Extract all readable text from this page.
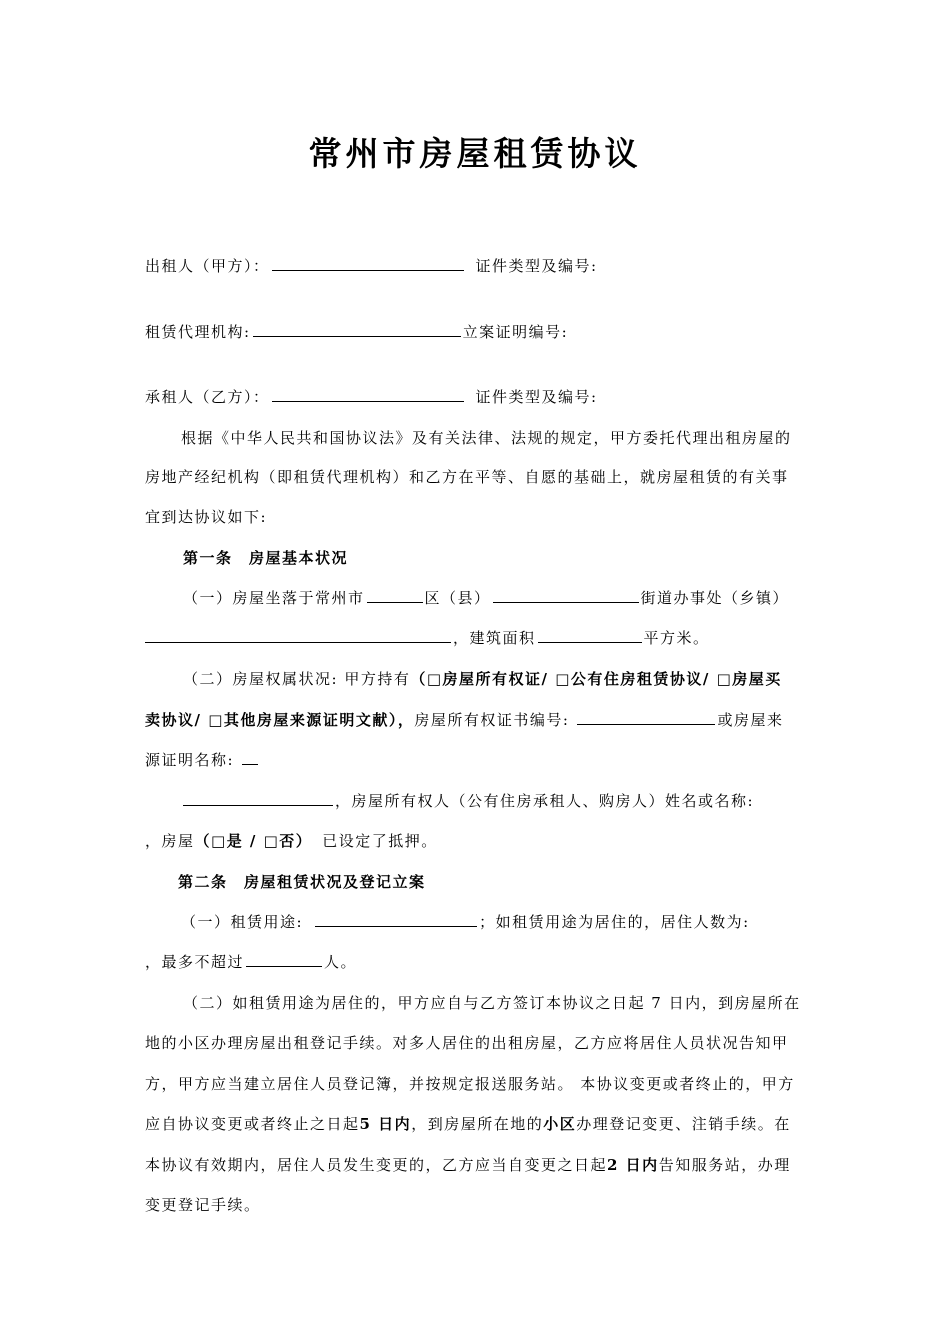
常州市房屋租赁协议
出租人（甲方）：	证件类型及编号:
租赁代理机构:	立案证明编号:
承租人（乙方）：	证件类型及编号:
根据《中华人民共和国协议法》及有关法律、法规的规定，甲方委托代理出租房屋的
房地产经纪机构（即租赁代理机构）和乙方在平等、自愿的基础上，就房屋租赁的有关事
宜到达协议如下:
第一条　房屋基本状况
（一）房屋坐落于常州市	区（县）	街道办事处（乡镇）
，建筑面积	平方米。
（二）房屋权属状况: 甲方持有（□房屋所有权证/ □公有住房租赁协议/ □房屋买
卖协议/ □其他房屋来源证明文献），房屋所有权证书编号:	或房屋来
源证明名称:
，房屋所有权人（公有住房承租人、购房人）姓名或名称:
，房屋（□是 / □否） 已设定了抵押。
第二条　房屋租赁状况及登记立案
（一）租赁用途:	；如租赁用途为居住的，居住人数为:
，最多不超过	人。
（二）如租赁用途为居住的，甲方应自与乙方签订本协议之日起 7 日内，到房屋所在
地的小区办理房屋出租登记手续。对多人居住的出租房屋，乙方应将居住人员状况告知甲
方，甲方应当建立居住人员登记簿，并按规定报送服务站。 本协议变更或者终止的，甲方
应自协议变更或者终止之日起5 日内，到房屋所在地的小区办理登记变更、注销手续。在
本协议有效期内，居住人员发生变更的，乙方应当自变更之日起2 日内告知服务站，办理
变更登记手续。
